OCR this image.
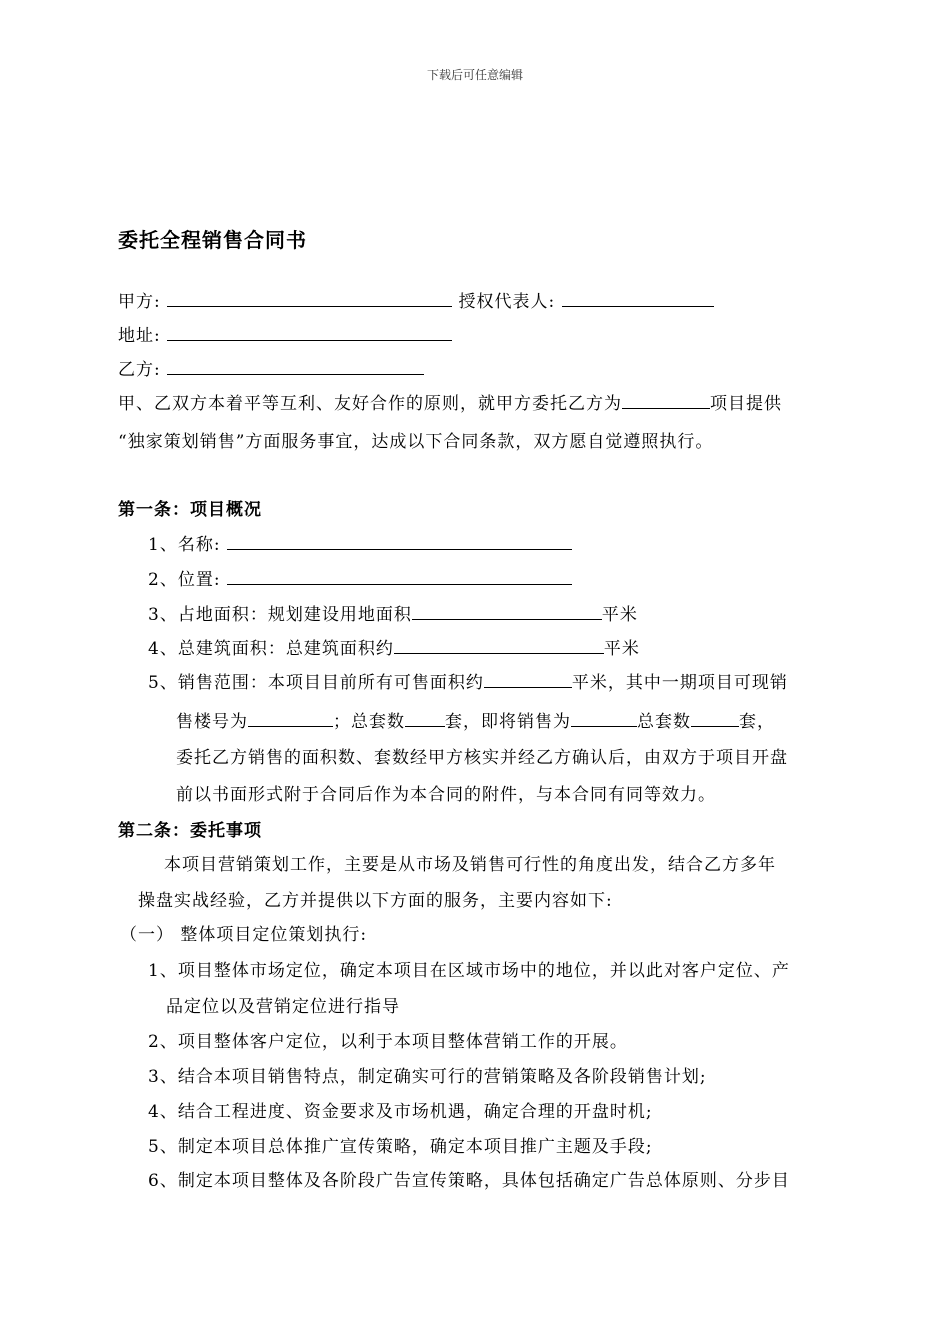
下载后可任意编辑
委托全程销售合同书
甲方:	授权代表人:
地址:
乙方:
甲、乙双方本着平等互利、友好合作的原则，就甲方委托乙方为	项目提供
“独家策划销售”方面服务事宜，达成以下合同条款，双方愿自觉遵照执行。
第一条：项目概况
1、名称:
2、位置:
3、占地面积：规划建设用地面积	平米
4、总建筑面积：总建筑面积约	平米
5、销售范围：本项目目前所有可售面积约	平米，其中一期项目可现销
售楼号为	；总套数 套，即将销售为	总套数	套，
委托乙方销售的面积数、套数经甲方核实并经乙方确认后，由双方于项目开盘
前以书面形式附于合同后作为本合同的附件，与本合同有同等效力。
第二条：委托事项
本项目营销策划工作，主要是从市场及销售可行性的角度出发，结合乙方多年
操盘实战经验，乙方并提供以下方面的服务，主要内容如下:
（一） 整体项目定位策划执行:
1、项目整体市场定位，确定本项目在区域市场中的地位，并以此对客户定位、产
品定位以及营销定位进行指导
2、项目整体客户定位，以利于本项目整体营销工作的开展。
3、结合本项目销售特点，制定确实可行的营销策略及各阶段销售计划;
4、结合工程进度、资金要求及市场机遇，确定合理的开盘时机;
5、制定本项目总体推广宣传策略，确定本项目推广主题及手段;
6、制定本项目整体及各阶段广告宣传策略，具体包括确定广告总体原则、分步目
